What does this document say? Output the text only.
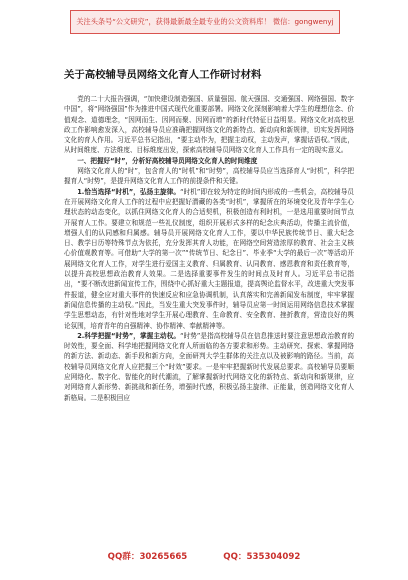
关注头条号“公文研究”，获得最新最全最专业的公文资料库！ 微信：gongwenyj
关于高校辅导员网络文化育人工作研讨材料

党的二十大报告强调，“加快建设制造强国、质量强国、航天强国、交通强国、网络强国、数字中国”，将“网络强国”作为推进中国式现代化重要部署。网络文化深刻影响着大学生的理想信念、价值观念、道德理念，“因网而生、因网而聚、因网而增”的新时代特征日益明显。网络文化对高校思政工作影响愈发深入，高校辅导员应准确把握网络文化的新特点、新动向和新规律，切实发挥网络文化的育人作用。习近平总书记指出，“要主动作为，把握主动权，主动发声，掌握话语权。”因此，从时间维度、方法维度、目标维度出发，探索高校辅导员网络文化育人工作具有一定的现实意义。

一、把握好“时”，分析好高校辅导员网络文化育人的时间维度

网络文化育人的“时”，包含育人的“时机”和“时势”，高校辅导员应当选择育人“时机”，科学把握育人“时势”，是提升网络文化育人工作的前提条件和关键。

1.恰当选择“时机”，弘扬主旋律。“时机”即在较为特定的时间内形成的一些机会，高校辅导员在开展网络文化育人工作的过程中应把握好潜藏的各类“时机”，掌握所在的环境变化及青年学生心理状态的动态变化，以抓住网络文化育人的合适契机，积极创造有利时机，一是选用重要时间节点开展育人工作。要建立和规范一些礼仪制度，组织开展形式多样的纪念庆典活动，传播主流价值，增强人们的认同感和归属感。辅导员开展网络文化育人工作，要以中华民族传统节日、重大纪念日、教学日历等特殊节点为依托，充分发挥其育人功能，在网络空间营造浓厚的教育、社会主义核心价值观教育等。可借助“大学的第一次”“传统节日、纪念日”、毕业季“大学的最后一次”等活动开展网络文化育人工作，对学生进行爱国主义教育、归属教育、认同教育、感恩教育和责任教育等，以提升高校思想政治教育人效果。二是选择重要事件发生的时间点及时育人。习近平总书记指出，“要不断改进新闻宣传工作，围绕中心抓好重大主题报道，提高舆论监督水平，改进重大突发事件报道，健全应对重大事件的快速反应和应急协调机制，认真落实和完善新闻发布制度，牢牢掌握新闻信息传播的主动权。”因此，当发生重大突发事件时，辅导员应第一时间运用网络信息技术掌握学生思想动态，有针对性地对学生开展心理教育、生命教育、安全教育、挫折教育，营造良好的舆论氛围，培育青年的自强精神、协作精神、奉献精神等。

2.科学把握“时势”，掌握主动权。“时势”是指高校辅导员在信息推送时要注意思想政治教育的时效性，要全面、科学地把握网络文化育人所面临的各方要求和形势。主动研究、探索、掌握网络的新方法、新动态、新手段和新方向，全面研判大学生群体的关注点以及被影响的路径。当前，高校辅导员网络文化育人应把握三个“时效”要求。一是牢牢把握新时代发展总要求。高校辅导员要顺应网络化、数字化、智能化的时代潮流，了解掌握新时代网络文化的新特点、新动向和新规律，应对网络育人新形势、新挑战和新任务，增强时代感，积极弘扬主旋律、正能量，创造网络文化育人新格局。二是积极回应

QQ群：30265665	QQ：535304092
